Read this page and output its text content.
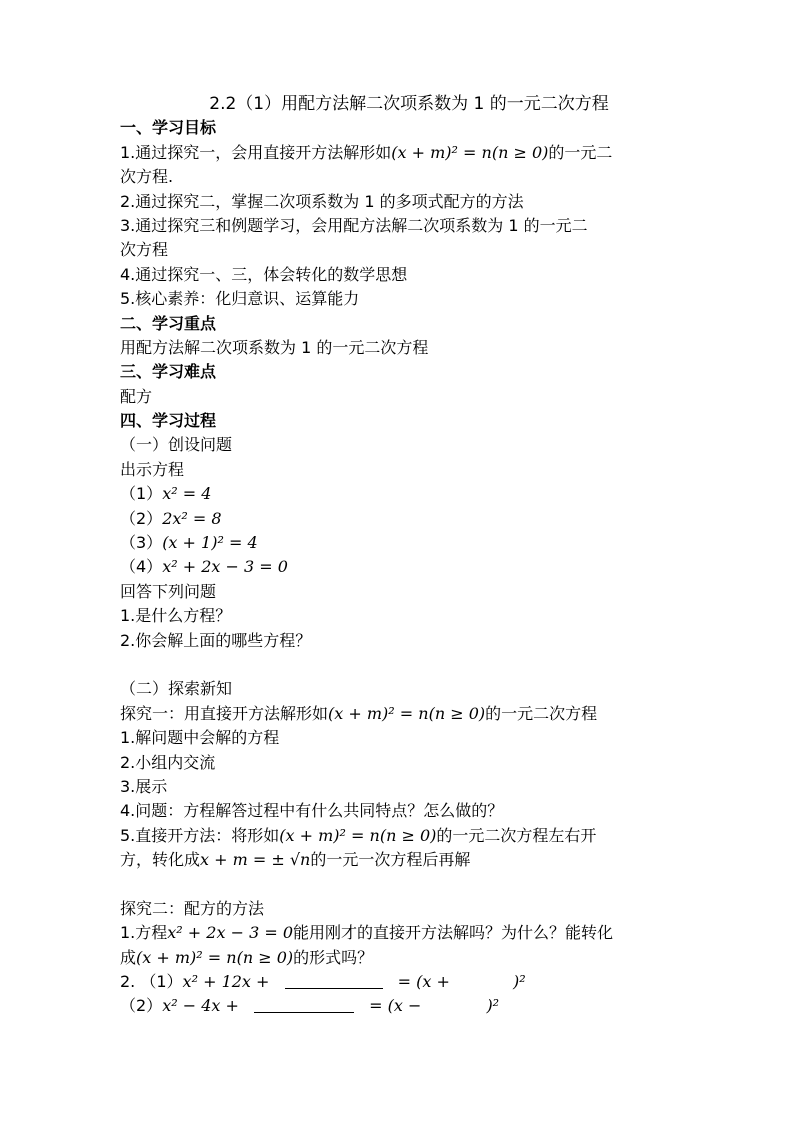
2.2（1）用配方法解二次项系数为 1 的一元二次方程
一、学习目标
1.通过探究一，会用直接开方法解形如(x + m)² = n(n ≥ 0)的一元二
次方程.
2.通过探究二，掌握二次项系数为 1 的多项式配方的方法
3.通过探究三和例题学习，会用配方法解二次项系数为 1 的一元二
次方程
4.通过探究一、三，体会转化的数学思想
5.核心素养：化归意识、运算能力
二、学习重点
用配方法解二次项系数为 1 的一元二次方程
三、学习难点
配方
四、学习过程
（一）创设问题
出示方程
（1）x² = 4
（2）2x² = 8
（3）(x + 1)² = 4
（4）x² + 2x − 3 = 0
回答下列问题
1.是什么方程？
2.你会解上面的哪些方程？
（二）探索新知
探究一：用直接开方法解形如(x + m)² = n(n ≥ 0)的一元二次方程
1.解问题中会解的方程
2.小组内交流
3.展示
4.问题：方程解答过程中有什么共同特点？怎么做的？
5.直接开方法：将形如(x + m)² = n(n ≥ 0)的一元二次方程左右开
方，转化成x + m = ± √n的一元一次方程后再解
探究二：配方的方法
1.方程x² + 2x − 3 = 0能用刚才的直接开方法解吗？为什么？能转化
成(x + m)² = n(n ≥ 0)的形式吗？
2. （1）x² + 12x +	= (x +	)²
（2）x² − 4x +	= (x −	)²
